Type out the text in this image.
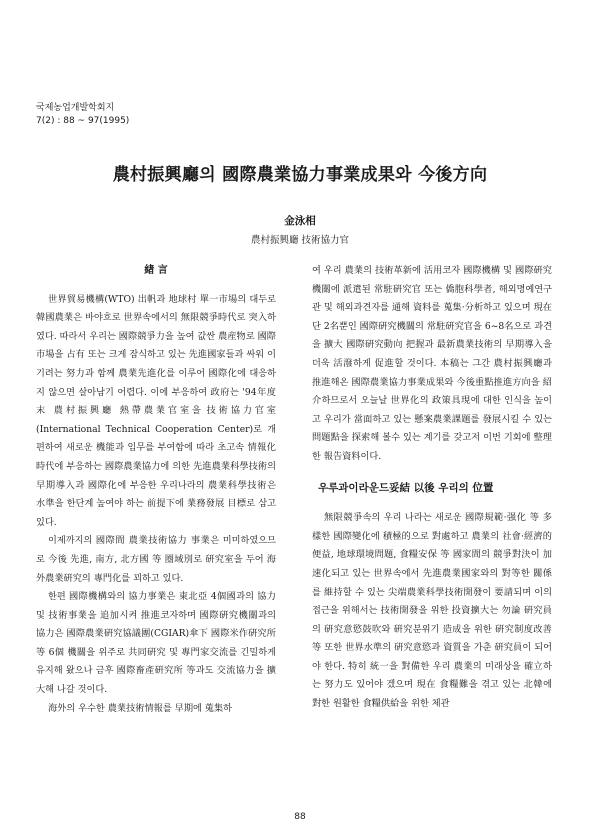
국제농업개발학회지
7(2) : 88 ~ 97(1995)
農村振興廳의 國際農業協力事業成果와 今後方向
金泳相
農村振興廳 技術協力官
緖 言

世界貿易機構(WTO) 出帆과 地球村 單一市場의 대두로 韓國農業은 바야흐로 世界속에서의 無限競爭時代로 突入하였다. 따라서 우리는 國際競爭力을 높여 값싼 農産物로 國際市場을 占有 또는 크게 잠식하고 있는 先進國家들과 싸워 이기려는 努力과 함께 農業先進化를 이루어 國際化에 대응하지 않으면 살아남기 어렵다. 이에 부응하여 政府는 '94年度末 農村振興廳 熱帶農業官室을 技術協力官室(International Technical Cooperation Center)로 개편하여 새로운 機能과 임무를 부여함에 따라 초고속 情報化時代에 부응하는 國際農業協力에 의한 先進農業科學技術의 早期導入과 國際化에 부응한 우리나라의 農業科學技術은 水準을 한단계 높여야 하는 前提下에 業務發展 目標로 삼고 있다.

이제까지의 國際間 農業技術協力 事業은 미미하였으므로 今後 先進, 南方, 北方國 等 圈域別로 硏究室을 두어 海外農業硏究의 專門化를 꾀하고 있다.

한편 國際機構와의 協力事業은 東北亞 4個國과의 協力 및 技術事業을 追加시켜 推進코자하며 國際硏究機關과의 協力은 國際農業硏究協議團(CGIAR)傘下 國際米作硏究所 等 6個 機關을 위주로 共同硏究 및 專門家交流를 긴밀하게 유지해 왔으나 금후 國際畜產硏究所 等과도 交流協力을 擴大해 나갈 것이다.

海外의 우수한 農業技術情報를 早期에 蒐集하

여 우리 農業의 技術革新에 活用코자 國際機構 및 國際硏究機關에 派遣된 常駐硏究官 또는 僑胞科學者, 해외명예연구관 및 해외과견자를 通해 資料를 蒐集·分析하고 있으며 現在 단 2名뿐인 國際硏究機關의 常駐硏究官을 6~8名으로 과견을 擴大 國際硏究動向 把握과 最新農業技術의 早期導入을 더욱 活潑하게 促進할 것이다. 本稿는 그간 農村振興廳과 推進해온 國際農業協力事業成果와 今後重點推進方向을 紹介하므로서 오늘날 世界化의 政策具現에 대한 인식을 높이고 우리가 當面하고 있는 懸案農業課題를 發展시킬 수 있는 問題點을 探索해 볼수 있는 계기를 갖고저 이번 기회에 整理한 報告資料이다.

우루과이라운드妥結 以後 우리의 位置

無限競爭속의 우리 나라는 새로운 國際規範·强化 等 多樣한 國際變化에 積極的으로 對處하고 農業의 社會·經濟的 便益, 地球環境問題, 食糧安保 等 國家間의 競爭對決이 加速化되고 있는 世界속에서 先進農業國家와의 對等한 關係를 維持할 수 있는 尖端農業科學技術開發이 要請되며 이의 접근을 위해서는 技術開發을 위한 投資擴大는 勿論 硏究員의 硏究意慾鼓吹와 硏究분위기 造成을 위한 硏究制度改善 等 또한 世界水準의 硏究意慾과 資質을 가춘 硏究員이 되어야 한다. 特히 統一을 對備한 우리 農業의 미래상을 確立하는 努力도 있어야 겠으며 現在 食糧難을 겪고 있는 北韓에 對한 원활한 食糧供給을 위한 체관

88
